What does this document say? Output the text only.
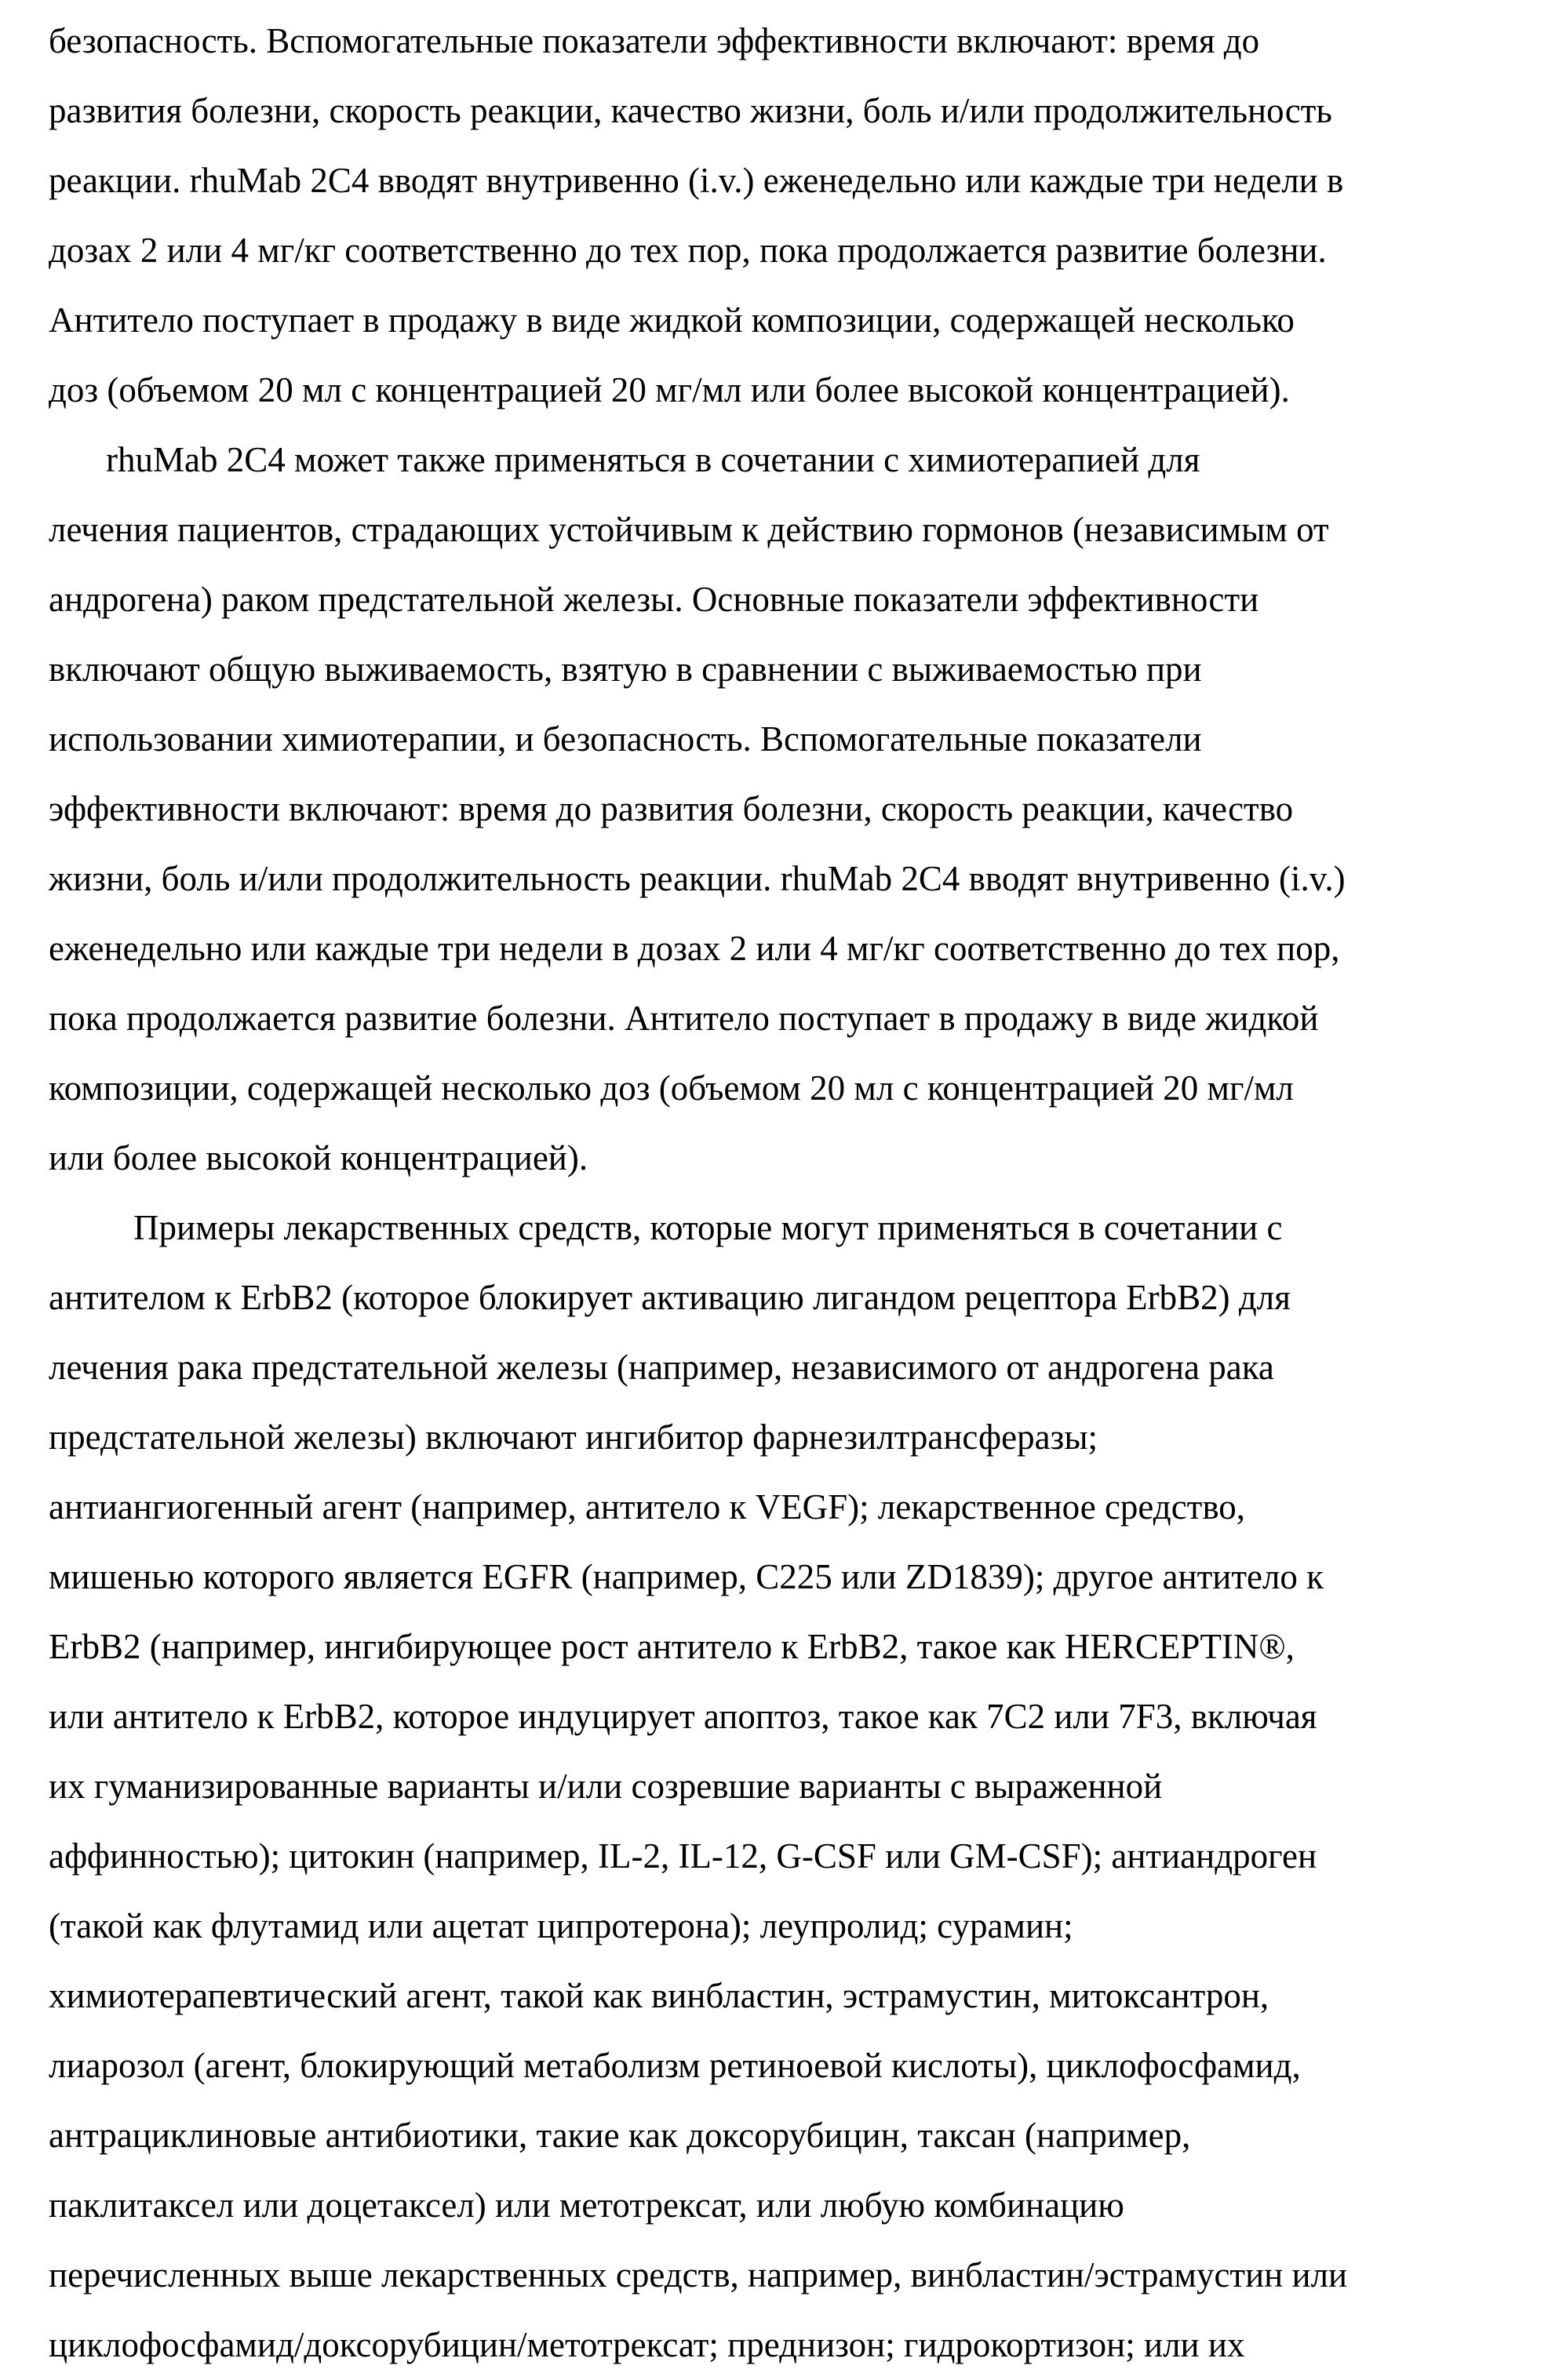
безопасность. Вспомогательные показатели эффективности включают: время до
развития болезни, скорость реакции, качество жизни, боль и/или продолжительность
реакции. rhuMab 2C4 вводят внутривенно (i.v.) еженедельно или каждые три недели в
дозах 2 или 4 мг/кг соответственно до тех пор, пока продолжается развитие болезни.
Антитело поступает в продажу в виде жидкой композиции, содержащей несколько
доз (объемом 20 мл с концентрацией 20 мг/мл или более высокой концентрацией).
rhuMab 2C4 может также применяться в сочетании с химиотерапией для
лечения пациентов, страдающих устойчивым к действию гормонов (независимым от
андрогена) раком предстательной железы. Основные показатели эффективности
включают общую выживаемость, взятую в сравнении с выживаемостью при
использовании химиотерапии, и безопасность. Вспомогательные показатели
эффективности включают: время до развития болезни, скорость реакции, качество
жизни, боль и/или продолжительность реакции. rhuMab 2C4 вводят внутривенно (i.v.)
еженедельно или каждые три недели в дозах 2 или 4 мг/кг соответственно до тех пор,
пока продолжается развитие болезни. Антитело поступает в продажу в виде жидкой
композиции, содержащей несколько доз (объемом 20 мл с концентрацией 20 мг/мл
или более высокой концентрацией).
Примеры лекарственных средств, которые могут применяться в сочетании с
антителом к ErbB2 (которое блокирует активацию лигандом рецептора ErbB2) для
лечения рака предстательной железы (например, независимого от андрогена рака
предстательной железы) включают ингибитор фарнезилтрансферазы;
антиангиогенный агент (например, антитело к VEGF); лекарственное средство,
мишенью которого является EGFR (например, C225 или ZD1839); другое антитело к
ErbB2 (например, ингибирующее рост антитело к ErbB2, такое как HERCEPTIN®,
или антитело к ErbB2, которое индуцирует апоптоз, такое как 7C2 или 7F3, включая
их гуманизированные варианты и/или созревшие варианты с выраженной
аффинностью); цитокин (например, IL-2, IL-12, G-CSF или GM-CSF); антиандроген
(такой как флутамид или ацетат ципротерона); леупролид; сурамин;
химиотерапевтический агент, такой как винбластин, эстрамустин, митоксантрон,
лиарозол (агент, блокирующий метаболизм ретиноевой кислоты), циклофосфамид,
антрациклиновые антибиотики, такие как доксорубицин, таксан (например,
паклитаксел или доцетаксел) или метотрексат, или любую комбинацию
перечисленных выше лекарственных средств, например, винбластин/эстрамустин или
циклофосфамид/доксорубицин/метотрексат; преднизон; гидрокортизон; или их
